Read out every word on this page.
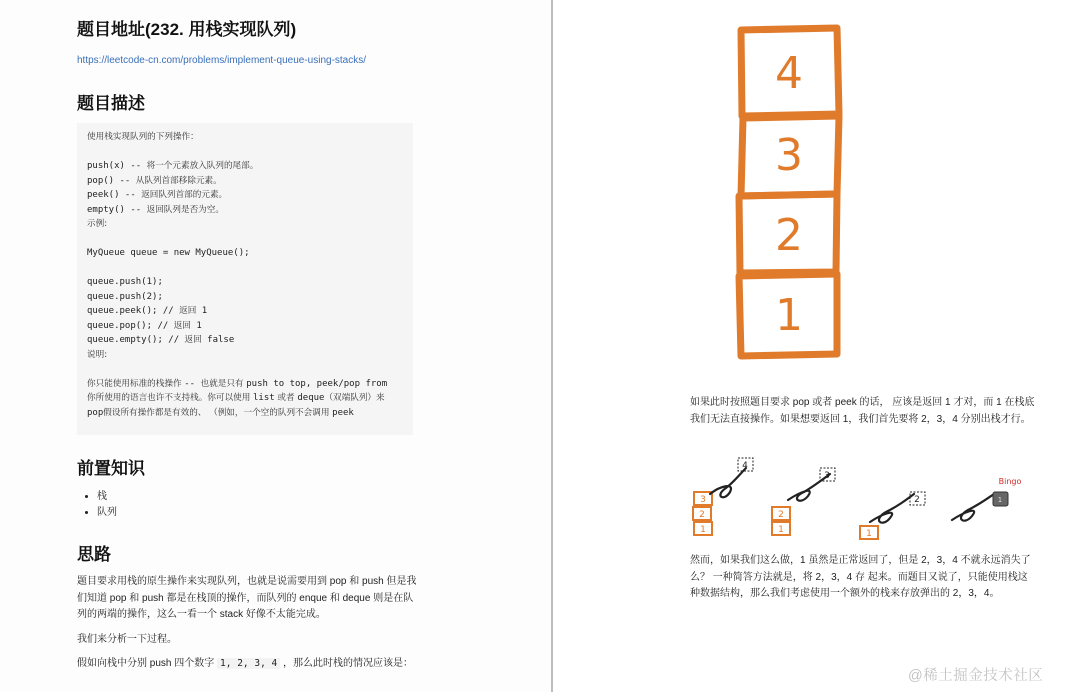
题目地址(232. 用栈实现队列)
https://leetcode-cn.com/problems/implement-queue-using-stacks/
题目描述
使用栈实现队列的下列操作：
push(x) -- 将一个元素放入队列的尾部。
pop() -- 从队列首部移除元素。
peek() -- 返回队列首部的元素。
empty() -- 返回队列是否为空。
示例:
MyQueue queue = new MyQueue();
queue.push(1);
queue.push(2);
queue.peek(); // 返回 1
queue.pop(); // 返回 1
queue.empty(); // 返回 false
说明:
你只能使用标准的栈操作 -- 也就是只有 push to top, peek/pop from
你所使用的语言也许不支持栈。你可以使用 list 或者 deque（双端队列）来
pop假设所有操作都是有效的、 （例如，一个空的队列不会调用 peek
前置知识
• 栈
• 队列
思路

题目要求用栈的原生操作来实现队列，也就是说需要用到 pop 和 push 但是我们知道 pop 和 push 都是在栈顶的操作，而队列的 enque 和 deque 则是在队列的两端的操作，这么一看一个 stack 好像不太能完成。

我们来分析一下过程。

假如向栈中分别 push 四个数字 1, 2, 3, 4 ，那么此时栈的情况应该是：

4
3
2
1

如果此时按照题目要求 pop 或者 peek 的话， 应该是返回 1 才对，而 1 在栈底我们无法直接操作。如果想要返回 1，我们首先要将 2，3，4 分别出栈才行。

3
2
1
2
1	1
4
3
2	1
Bingo

然而，如果我们这么做，1 虽然是正常返回了，但是 2，3，4 不就永远消失了么？ 一种简答方法就是，将 2，3，4 存 起来。而题目又说了，只能使用栈这种数据结构，那么我们考虑使用一个额外的栈来存放弹出的 2，3，4。

@稀土掘金技术社区
